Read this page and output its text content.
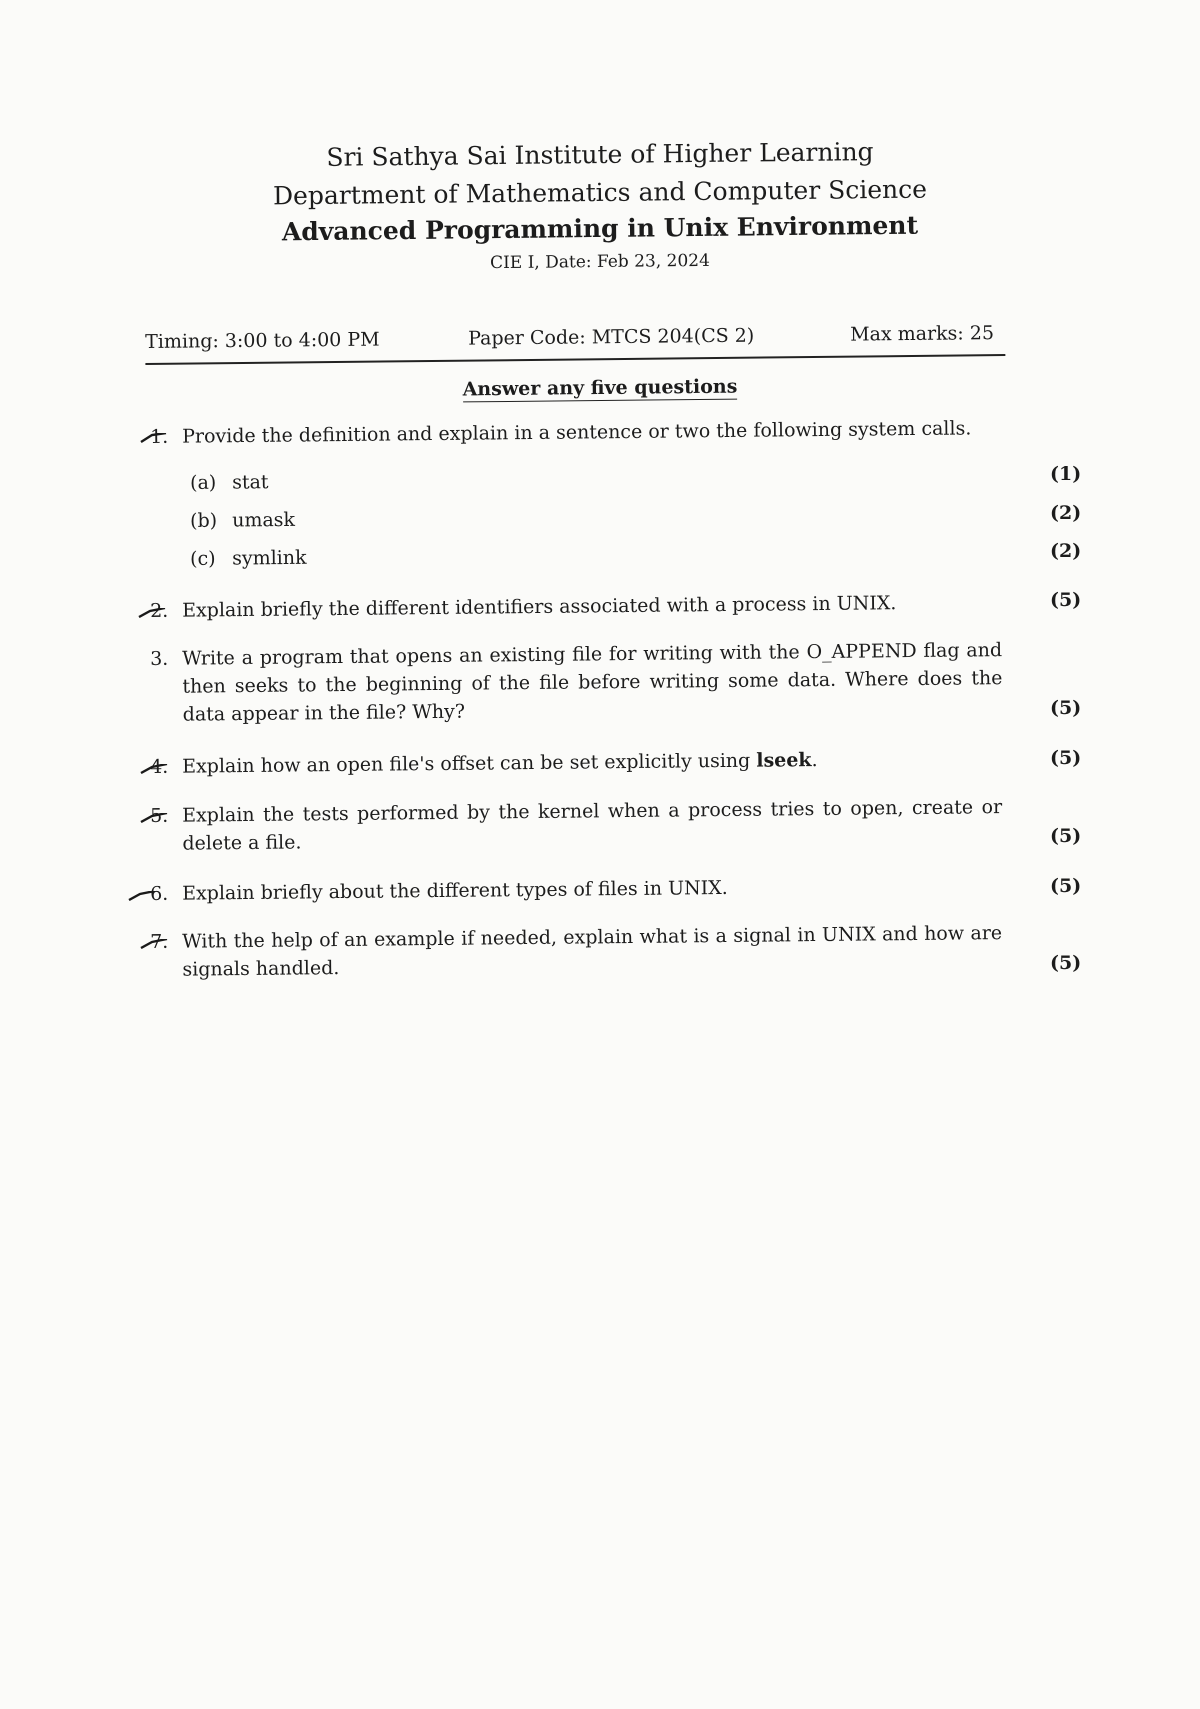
Sri Sathya Sai Institute of Higher Learning
Department of Mathematics and Computer Science
Advanced Programming in Unix Environment
CIE I, Date: Feb 23, 2024
Timing: 3:00 to 4:00 PM	Paper Code: MTCS 204(CS 2)	Max marks: 25
Answer any five questions
1. Provide the definition and explain in a sentence or two the following system calls.
(a) stat	(1)
(b) umask	(2)
(c) symlink	(2)
2. Explain briefly the different identifiers associated with a process in UNIX.	(5)
3. Write a program that opens an existing file for writing with the O_APPEND flag and then seeks to the beginning of the file before writing some data. Where does the data appear in the file? Why?	(5)
4. Explain how an open file's offset can be set explicitly using lseek.	(5)
5. Explain the tests performed by the kernel when a process tries to open, create or delete a file.	(5)
6. Explain briefly about the different types of files in UNIX.	(5)
7. With the help of an example if needed, explain what is a signal in UNIX and how are signals handled.	(5)
